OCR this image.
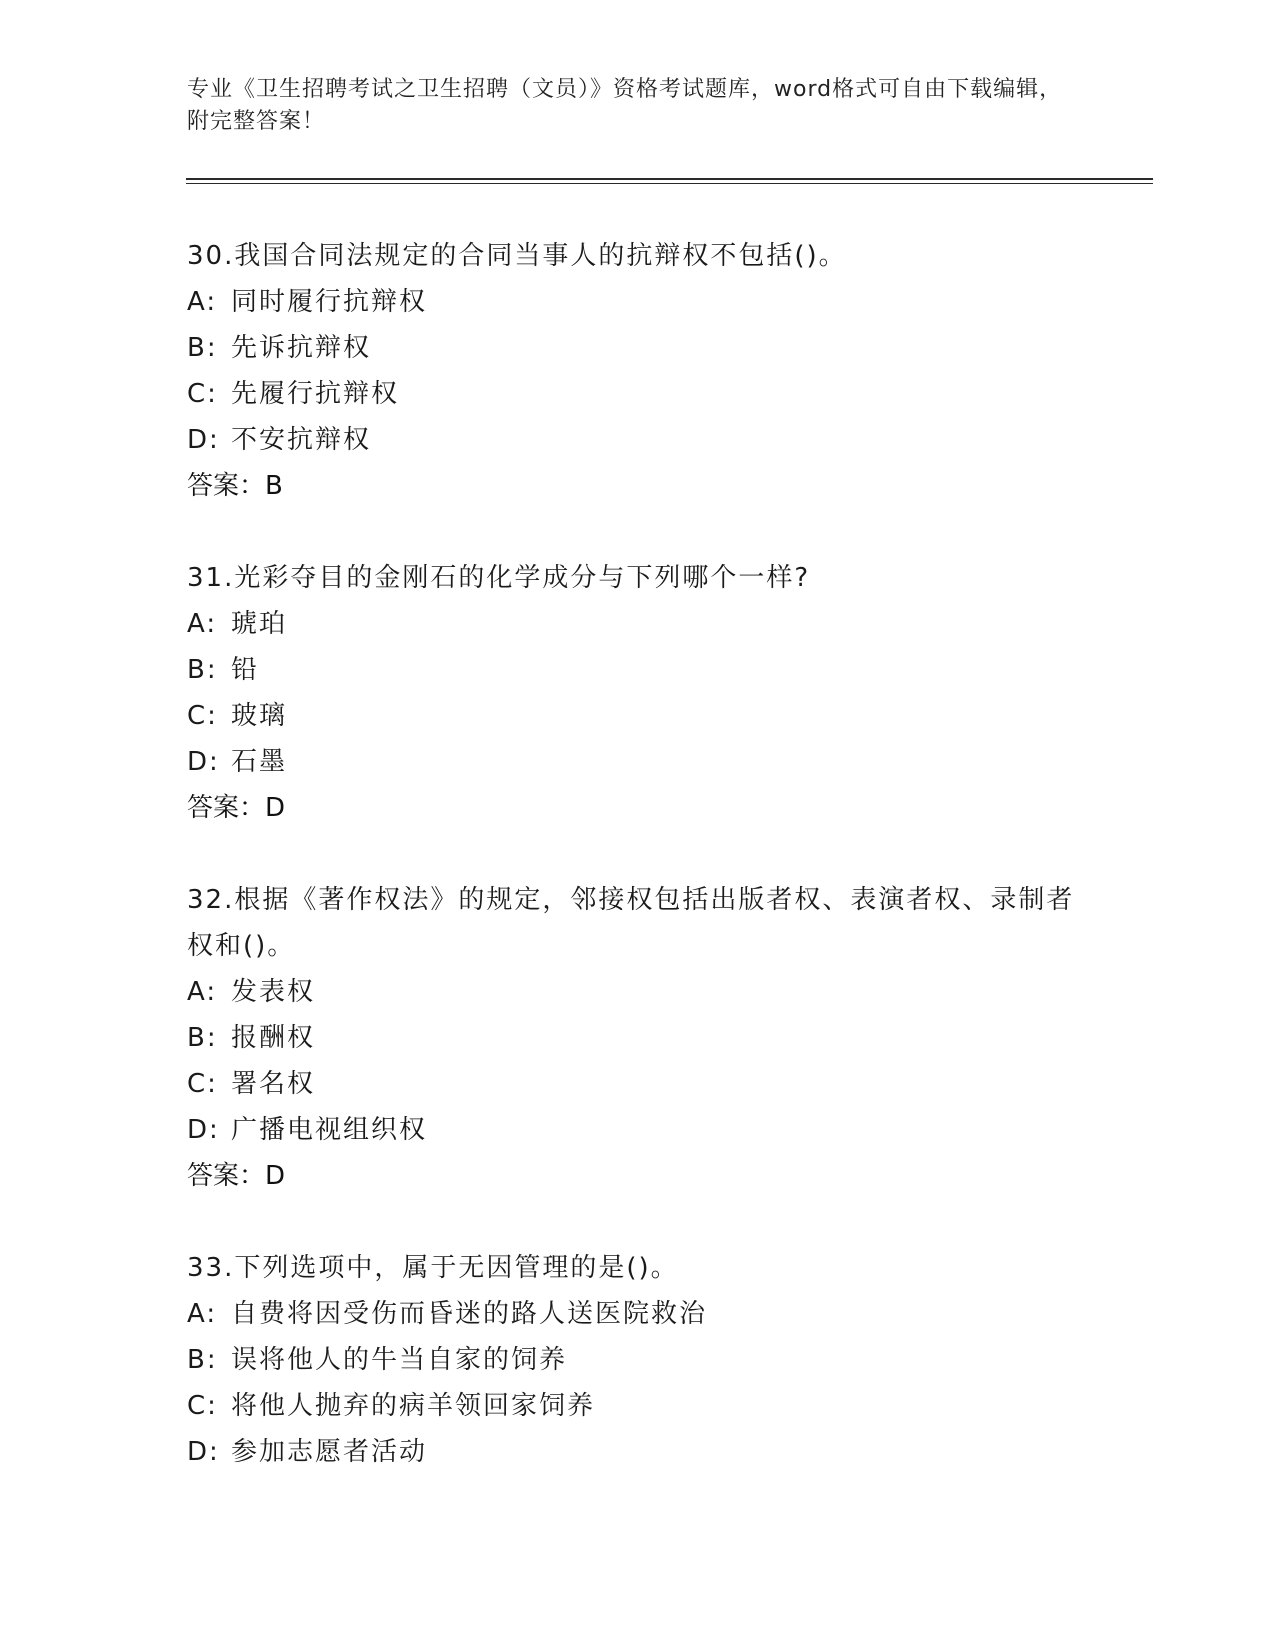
专业《卫生招聘考试之卫生招聘（文员）》资格考试题库，word格式可自由下载编辑，附完整答案！

30.我国合同法规定的合同当事人的抗辩权不包括()。

A: 同时履行抗辩权

B: 先诉抗辩权

C: 先履行抗辩权

D: 不安抗辩权

答案：B

31.光彩夺目的金刚石的化学成分与下列哪个一样?

A: 琥珀

B: 铅

C: 玻璃

D: 石墨

答案：D

32.根据《著作权法》的规定，邻接权包括出版者权、表演者权、录制者权和()。

A: 发表权

B: 报酬权

C: 署名权

D: 广播电视组织权

答案：D

33.下列选项中，属于无因管理的是()。

A: 自费将因受伤而昏迷的路人送医院救治

B: 误将他人的牛当自家的饲养

C: 将他人抛弃的病羊领回家饲养

D: 参加志愿者活动
